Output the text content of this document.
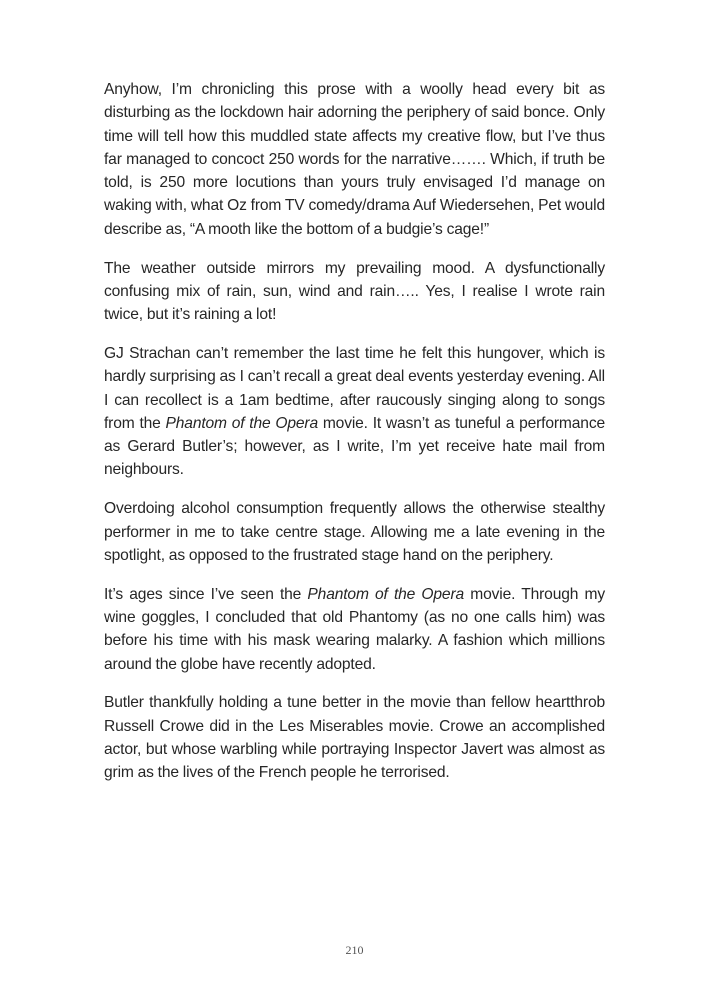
Anyhow, I’m chronicling this prose with a woolly head every bit as disturbing as the lockdown hair adorning the periphery of said bonce. Only time will tell how this muddled state affects my creative flow, but I’ve thus far managed to concoct 250 words for the narrative……. Which, if truth be told, is 250 more locutions than yours truly envisaged I’d manage on waking with, what Oz from TV comedy/drama Auf Wiedersehen, Pet would describe as, “A mooth like the bottom of a budgie’s cage!”

The weather outside mirrors my prevailing mood. A dysfunctionally confusing mix of rain, sun, wind and rain….. Yes, I realise I wrote rain twice, but it’s raining a lot!

GJ Strachan can’t remember the last time he felt this hungover, which is hardly surprising as I can’t recall a great deal events yesterday evening. All I can recollect is a 1am bedtime, after raucously singing along to songs from the Phantom of the Opera movie. It wasn’t as tuneful a performance as Gerard Butler’s; however, as I write, I’m yet receive hate mail from neighbours.

Overdoing alcohol consumption frequently allows the otherwise stealthy performer in me to take centre stage. Allowing me a late evening in the spotlight, as opposed to the frustrated stage hand on the periphery.

It’s ages since I’ve seen the Phantom of the Opera movie. Through my wine goggles, I concluded that old Phantomy (as no one calls him) was before his time with his mask wearing malarky. A fashion which millions around the globe have recently adopted.

Butler thankfully holding a tune better in the movie than fellow heartthrob Russell Crowe did in the Les Miserables movie. Crowe an accomplished actor, but whose warbling while portraying Inspector Javert was almost as grim as the lives of the French people he terrorised.

210
